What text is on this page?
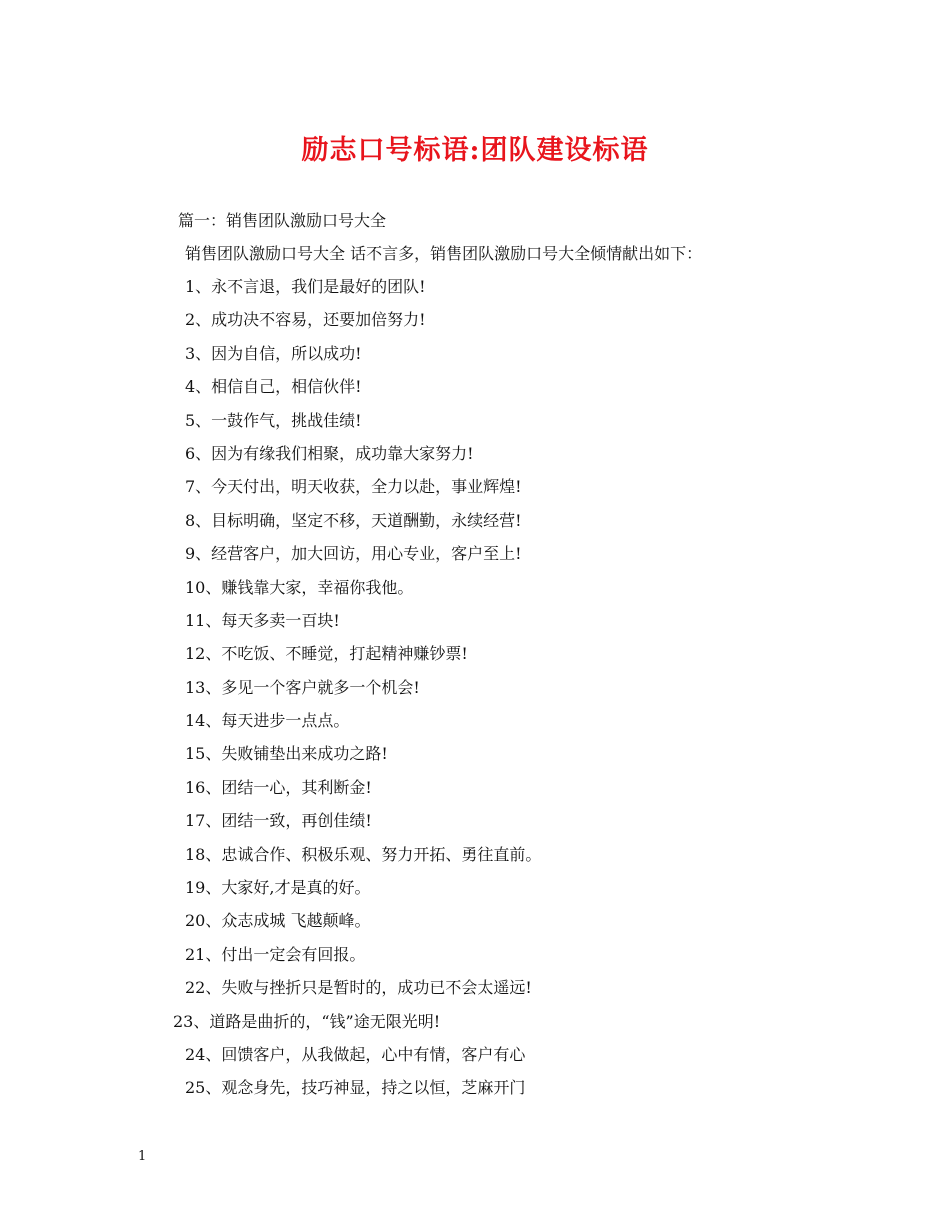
励志口号标语:团队建设标语

篇一：销售团队激励口号大全

销售团队激励口号大全 话不言多，销售团队激励口号大全倾情献出如下：

1、永不言退，我们是最好的团队!
2、成功决不容易，还要加倍努力!
3、因为自信，所以成功!
4、相信自己，相信伙伴!
5、一鼓作气，挑战佳绩!
6、因为有缘我们相聚，成功靠大家努力!
7、今天付出，明天收获，全力以赴，事业辉煌!
8、目标明确，坚定不移，天道酬勤，永续经营!
9、经营客户，加大回访，用心专业，客户至上!
10、赚钱靠大家，幸福你我他。
11、每天多卖一百块!
12、不吃饭、不睡觉，打起精神赚钞票!
13、多见一个客户就多一个机会!
14、每天进步一点点。
15、失败铺垫出来成功之路!
16、团结一心，其利断金!
17、团结一致，再创佳绩!
18、忠诚合作、积极乐观、努力开拓、勇往直前。
19、大家好,才是真的好。
20、众志成城 飞越颠峰。
21、付出一定会有回报。
22、失败与挫折只是暂时的，成功已不会太遥远!
23、道路是曲折的，“钱”途无限光明!
24、回馈客户，从我做起，心中有情，客户有心
25、观念身先，技巧神显，持之以恒，芝麻开门

1
